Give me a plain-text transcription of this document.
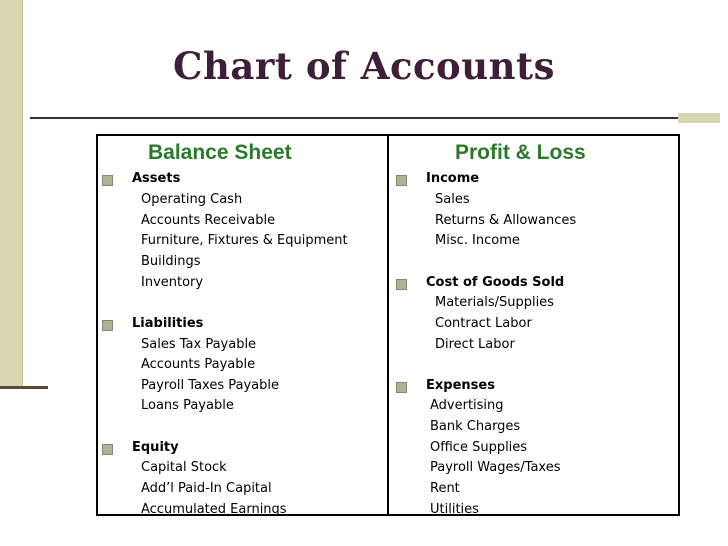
Chart of Accounts
Balance Sheet
Assets
Operating Cash
Accounts Receivable
Furniture, Fixtures & Equipment
Buildings
Inventory
Liabilities
Sales Tax Payable
Accounts Payable
Payroll Taxes Payable
Loans Payable
Equity
Capital Stock
Add’l Paid-In Capital
Accumulated Earnings
Profit & Loss
Income
Sales
Returns & Allowances
Misc. Income
Cost of Goods Sold
Materials/Supplies
Contract Labor
Direct Labor
Expenses
Advertising
Bank Charges
Office Supplies
Payroll Wages/Taxes
Rent
Utilities
